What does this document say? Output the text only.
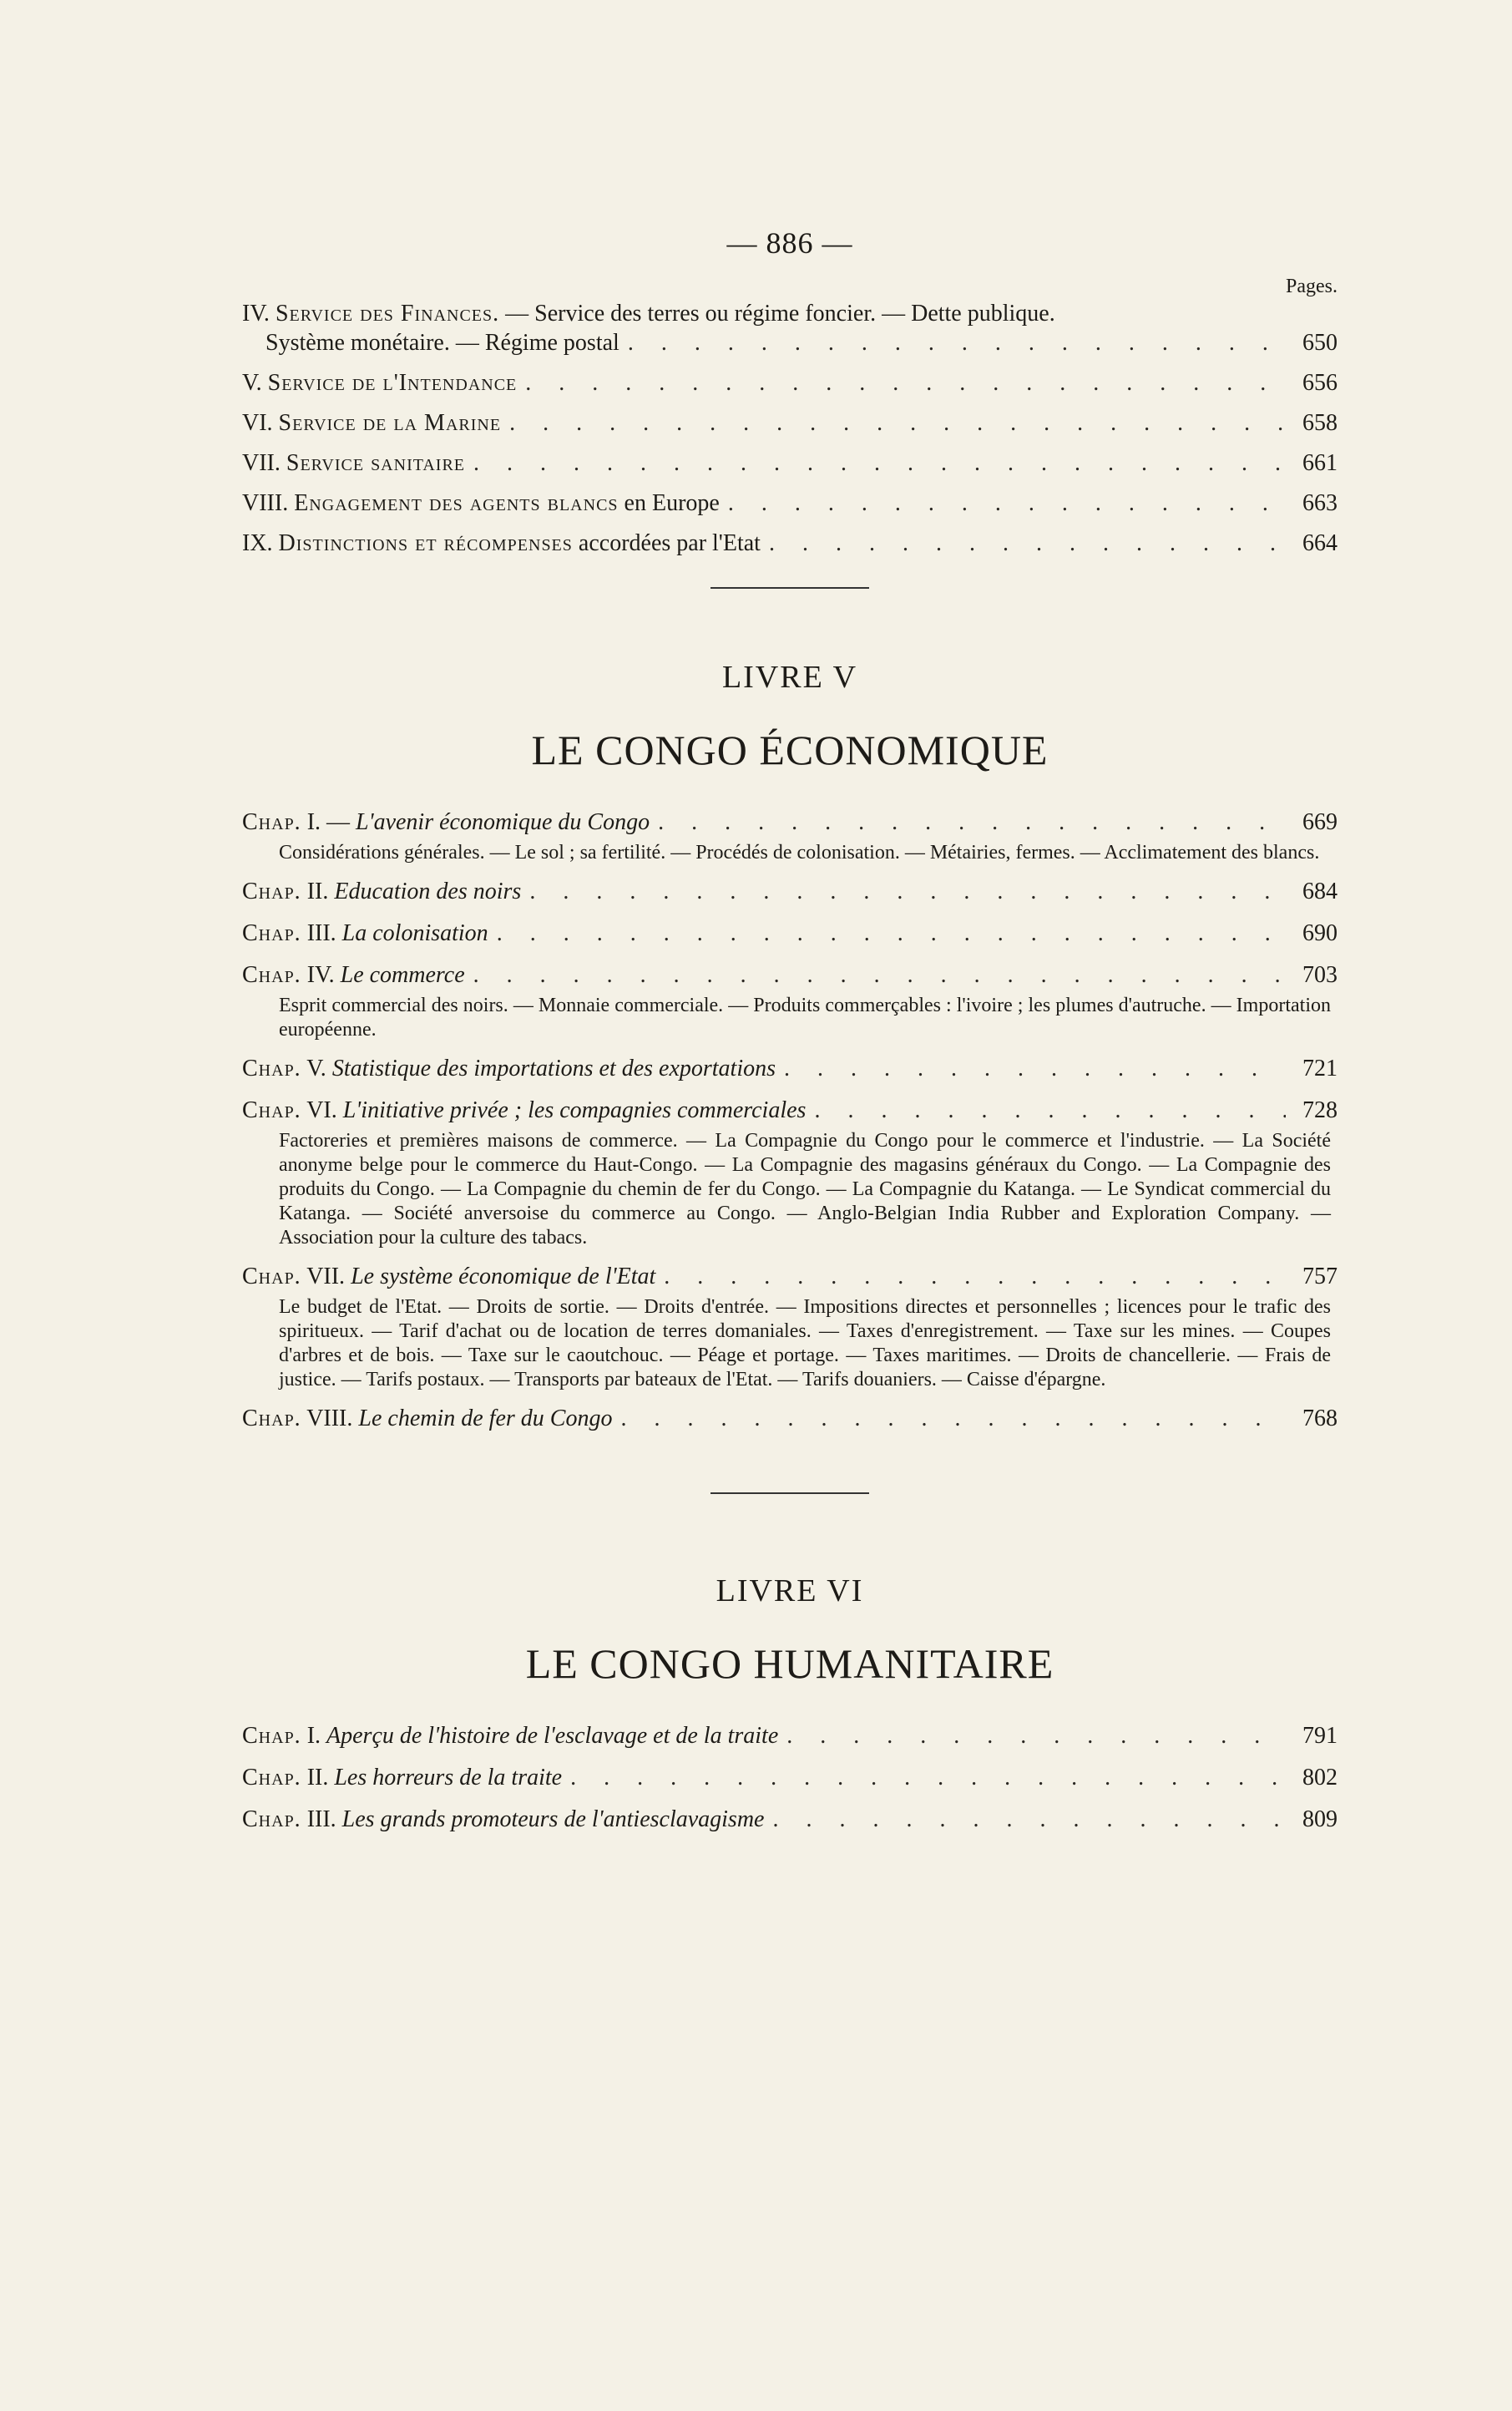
— 886 —
Pages.
IV. Service des Finances. — Service des terres ou régime foncier. — Dette publique.
Système monétaire. — Régime postal . . .	650
V. Service de l'Intendance . . .	656
VI. Service de la Marine . . .	658
VII. Service sanitaire . . .	661
VIII. Engagement des agents blancs en Europe . . .	663
IX. Distinctions et récompenses accordées par l'Etat . . .	664
LIVRE V
LE CONGO ÉCONOMIQUE
Chap. I. — L'avenir économique du Congo . . .	669
Considérations générales. — Le sol ; sa fertilité. — Procédés de colonisation. — Métairies, fermes. — Acclimatement des blancs.
Chap. II. Education des noirs . . .	684
Chap. III. La colonisation . . .	690
Chap. IV. Le commerce . . .	703
Esprit commercial des noirs. — Monnaie commerciale. — Produits commerçables : l'ivoire ; les plumes d'autruche. — Importation européenne.
Chap. V. Statistique des importations et des exportations . . .	721
Chap. VI. L'initiative privée ; les compagnies commerciales . . .	728
Factoreries et premières maisons de commerce. — La Compagnie du Congo pour le commerce et l'industrie. — La Société anonyme belge pour le commerce du Haut-Congo. — La Compagnie des magasins généraux du Congo. — La Compagnie des produits du Congo. — La Compagnie du chemin de fer du Congo. — La Compagnie du Katanga. — Le Syndicat commercial du Katanga. — Société anversoise du commerce au Congo. — Anglo-Belgian India Rubber and Exploration Company. — Association pour la culture des tabacs.
Chap. VII. Le système économique de l'Etat . . .	757
Le budget de l'Etat. — Droits de sortie. — Droits d'entrée. — Impositions directes et personnelles ; licences pour le trafic des spiritueux. — Tarif d'achat ou de location de terres domaniales. — Taxes d'enregistrement. — Taxe sur les mines. — Coupes d'arbres et de bois. — Taxe sur le caoutchouc. — Péage et portage. — Taxes maritimes. — Droits de chancellerie. — Frais de justice. — Tarifs postaux. — Transports par bateaux de l'Etat. — Tarifs douaniers. — Caisse d'épargne.
Chap. VIII. Le chemin de fer du Congo . . .	768
LIVRE VI
LE CONGO HUMANITAIRE
Chap. I. Aperçu de l'histoire de l'esclavage et de la traite . . .	791
Chap. II. Les horreurs de la traite . . .	802
Chap. III. Les grands promoteurs de l'antiesclavagisme . . .	809
